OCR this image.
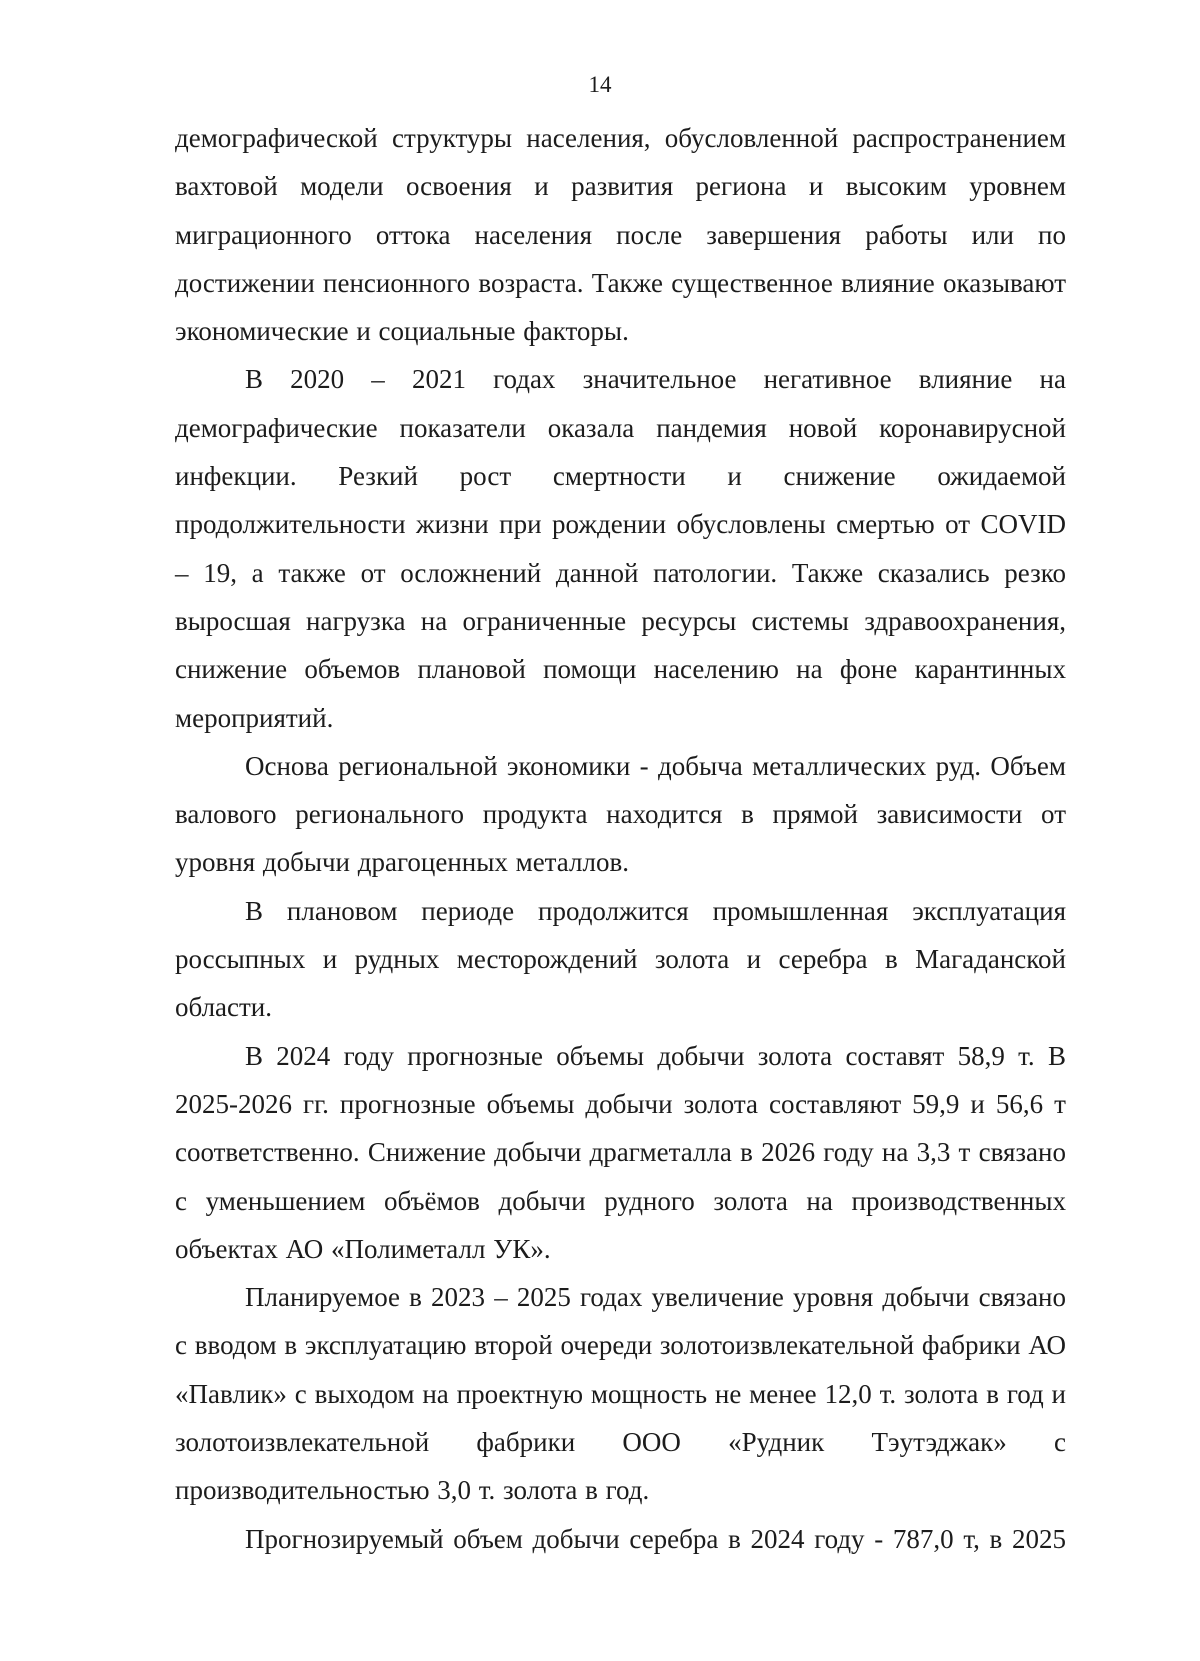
14

демографической структуры населения, обусловленной распространением вахтовой модели освоения и развития региона и высоким уровнем миграционного оттока населения после завершения работы или по достижении пенсионного возраста. Также существенное влияние оказывают экономические и социальные факторы.

В 2020 – 2021 годах значительное негативное влияние на демографические показатели оказала пандемия новой коронавирусной инфекции. Резкий рост смертности и снижение ожидаемой продолжительности жизни при рождении обусловлены смертью от COVID – 19, а также от осложнений данной патологии. Также сказались резко выросшая нагрузка на ограниченные ресурсы системы здравоохранения, снижение объемов плановой помощи населению на фоне карантинных мероприятий.

Основа региональной экономики - добыча металлических руд. Объем валового регионального продукта находится в прямой зависимости от уровня добычи драгоценных металлов.

В плановом периоде продолжится промышленная эксплуатация россыпных и рудных месторождений золота и серебра в Магаданской области.

В 2024 году прогнозные объемы добычи золота составят 58,9 т. В 2025-2026 гг. прогнозные объемы добычи золота составляют 59,9 и 56,6 т соответственно. Снижение добычи драгметалла в 2026 году на 3,3 т связано с уменьшением объёмов добычи рудного золота на производственных объектах АО «Полиметалл УК».

Планируемое в 2023 – 2025 годах увеличение уровня добычи связано с вводом в эксплуатацию второй очереди золотоизвлекательной фабрики АО «Павлик» с выходом на проектную мощность не менее 12,0 т. золота в год и золотоизвлекательной фабрики ООО «Рудник Тэутэджак» с производительностью 3,0 т. золота в год.

Прогнозируемый объем добычи серебра в 2024 году - 787,0 т, в 2025
